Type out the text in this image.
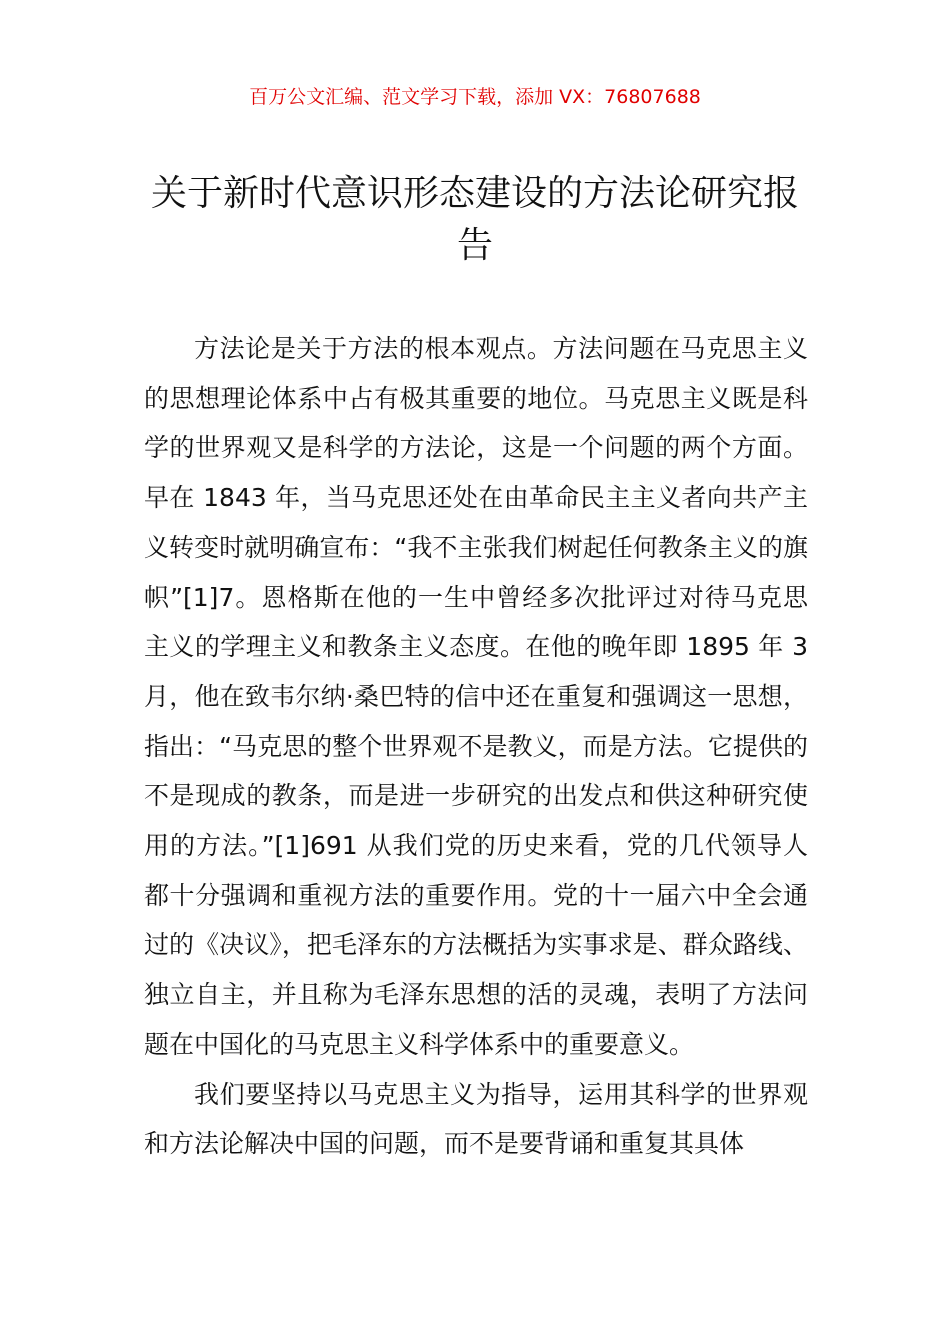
百万公文汇编、范文学习下载，添加 VX：76807688
关于新时代意识形态建设的方法论研究报告

方法论是关于方法的根本观点。方法问题在马克思主义的思想理论体系中占有极其重要的地位。马克思主义既是科学的世界观又是科学的方法论，这是一个问题的两个方面。早在 1843 年，当马克思还处在由革命民主主义者向共产主义转变时就明确宣布：“我不主张我们树起任何教条主义的旗帜”[1]7。恩格斯在他的一生中曾经多次批评过对待马克思主义的学理主义和教条主义态度。在他的晚年即 1895 年 3 月，他在致韦尔纳·桑巴特的信中还在重复和强调这一思想，指出：“马克思的整个世界观不是教义，而是方法。它提供的不是现成的教条，而是进一步研究的出发点和供这种研究使用的方法。”[1]691 从我们党的历史来看，党的几代领导人都十分强调和重视方法的重要作用。党的十一届六中全会通过的《决议》，把毛泽东的方法概括为实事求是、群众路线、独立自主，并且称为毛泽东思想的活的灵魂，表明了方法问题在中国化的马克思主义科学体系中的重要意义。

我们要坚持以马克思主义为指导，运用其科学的世界观和方法论解决中国的问题，而不是要背诵和重复其具体
